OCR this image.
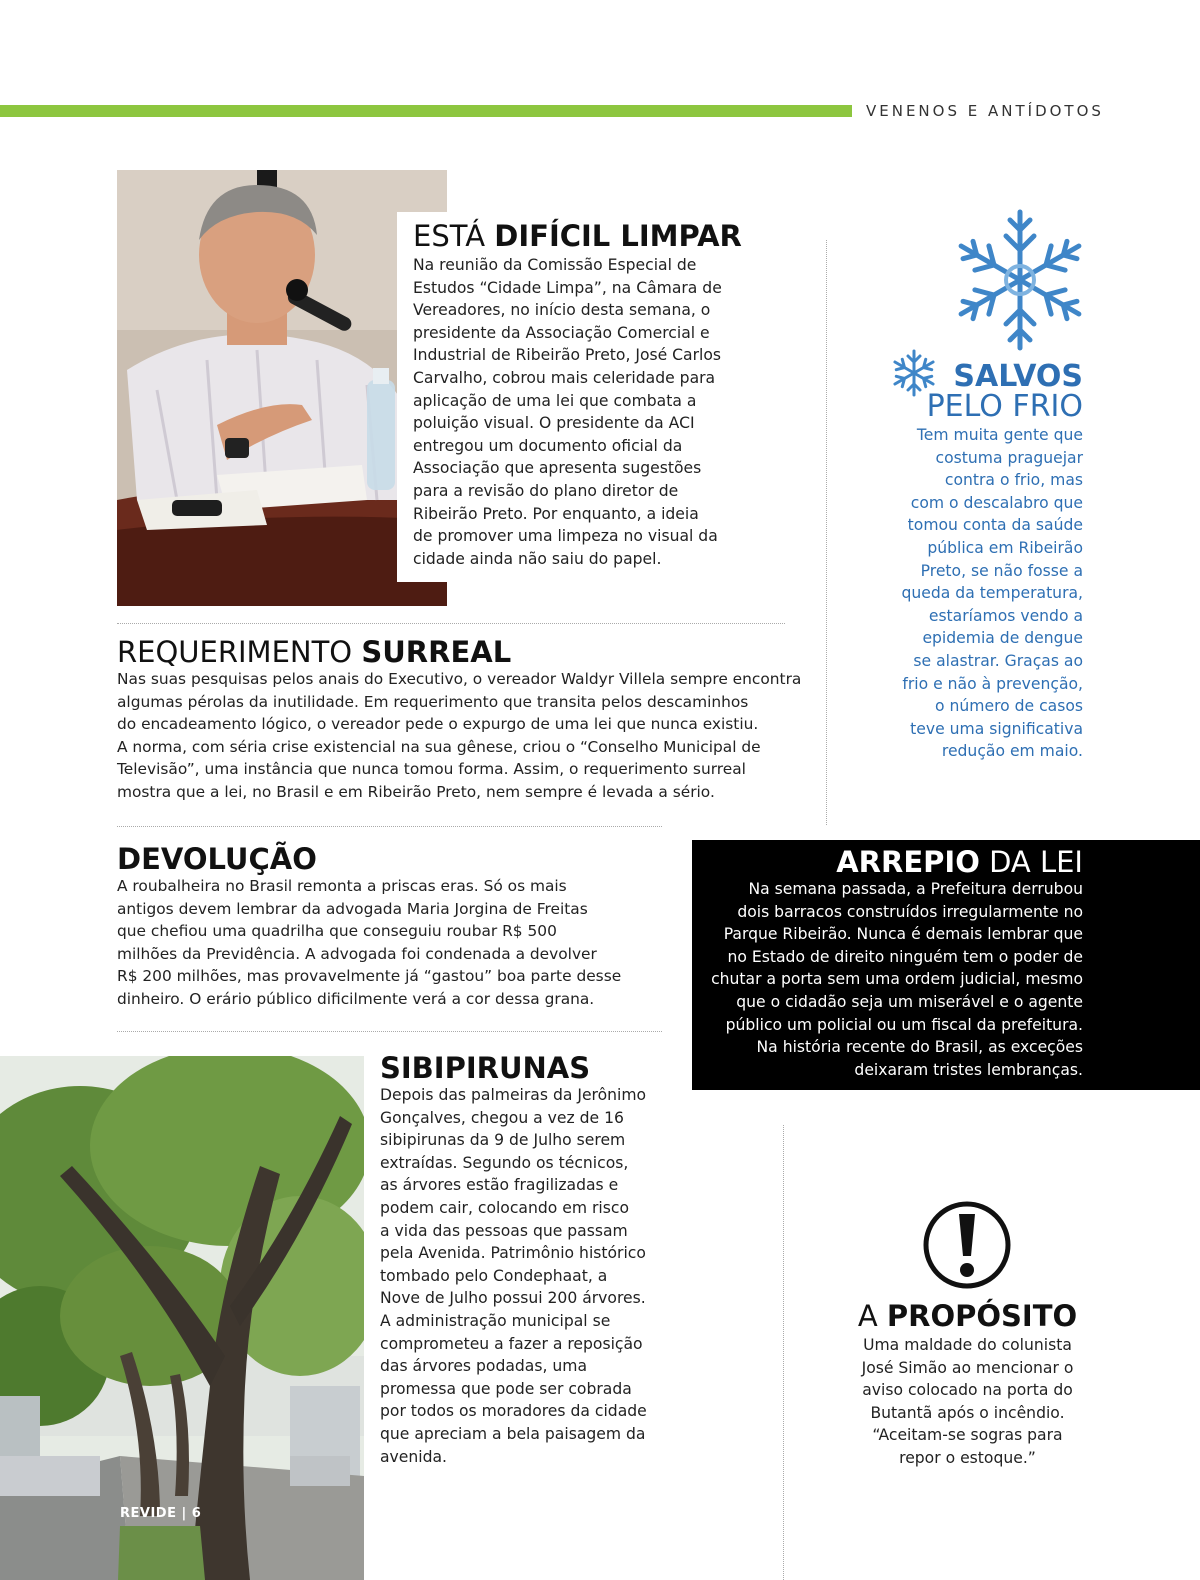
VENENOS E ANTÍDOTOS
ESTÁ DIFÍCIL LIMPAR

Na reunião da Comissão Especial de
Estudos “Cidade Limpa”, na Câmara de
Vereadores, no início desta semana, o
presidente da Associação Comercial e
Industrial de Ribeirão Preto, José Carlos
Carvalho, cobrou mais celeridade para
aplicação de uma lei que combata a
poluição visual. O presidente da ACI
entregou um documento oficial da
Associação que apresenta sugestões
para a revisão do plano diretor de
Ribeirão Preto. Por enquanto, a ideia
de promover uma limpeza no visual da
cidade ainda não saiu do papel.

REQUERIMENTO SURREAL

Nas suas pesquisas pelos anais do Executivo, o vereador Waldyr Villela sempre encontra
algumas pérolas da inutilidade. Em requerimento que transita pelos descaminhos
do encadeamento lógico, o vereador pede o expurgo de uma lei que nunca existiu.
A norma, com séria crise existencial na sua gênese, criou o “Conselho Municipal de
Televisão”, uma instância que nunca tomou forma. Assim, o requerimento surreal
mostra que a lei, no Brasil e em Ribeirão Preto, nem sempre é levada a sério.

DEVOLUÇÃO

A roubalheira no Brasil remonta a priscas eras. Só os mais
antigos devem lembrar da advogada Maria Jorgina de Freitas
que chefiou uma quadrilha que conseguiu roubar R$ 500
milhões da Previdência. A advogada foi condenada a devolver
R$ 200 milhões, mas provavelmente já “gastou” boa parte desse
dinheiro. O erário público dificilmente verá a cor dessa grana.

SALVOS
PELO FRIO

Tem muita gente que
costuma praguejar
contra o frio, mas
com o descalabro que
tomou conta da saúde
pública em Ribeirão
Preto, se não fosse a
queda da temperatura,
estaríamos vendo a
epidemia de dengue
se alastrar. Graças ao
frio e não à prevenção,
o número de casos
teve uma significativa
redução em maio.

ARREPIO DA LEI

Na semana passada, a Prefeitura derrubou
dois barracos construídos irregularmente no
Parque Ribeirão. Nunca é demais lembrar que
no Estado de direito ninguém tem o poder de
chutar a porta sem uma ordem judicial, mesmo
que o cidadão seja um miserável e o agente
público um policial ou um fiscal da prefeitura.
Na história recente do Brasil, as exceções
deixaram tristes lembranças.

REVIDE | 6
SIBIPIRUNAS

Depois das palmeiras da Jerônimo
Gonçalves, chegou a vez de 16
sibipirunas da 9 de Julho serem
extraídas. Segundo os técnicos,
as árvores estão fragilizadas e
podem cair, colocando em risco
a vida das pessoas que passam
pela Avenida. Patrimônio histórico
tombado pelo Condephaat, a
Nove de Julho possui 200 árvores.
A administração municipal se
comprometeu a fazer a reposição
das árvores podadas, uma
promessa que pode ser cobrada
por todos os moradores da cidade
que apreciam a bela paisagem da
avenida.

A PROPÓSITO

Uma maldade do colunista
José Simão ao mencionar o
aviso colocado na porta do
Butantã após o incêndio.
“Aceitam-se sogras para
repor o estoque.”
